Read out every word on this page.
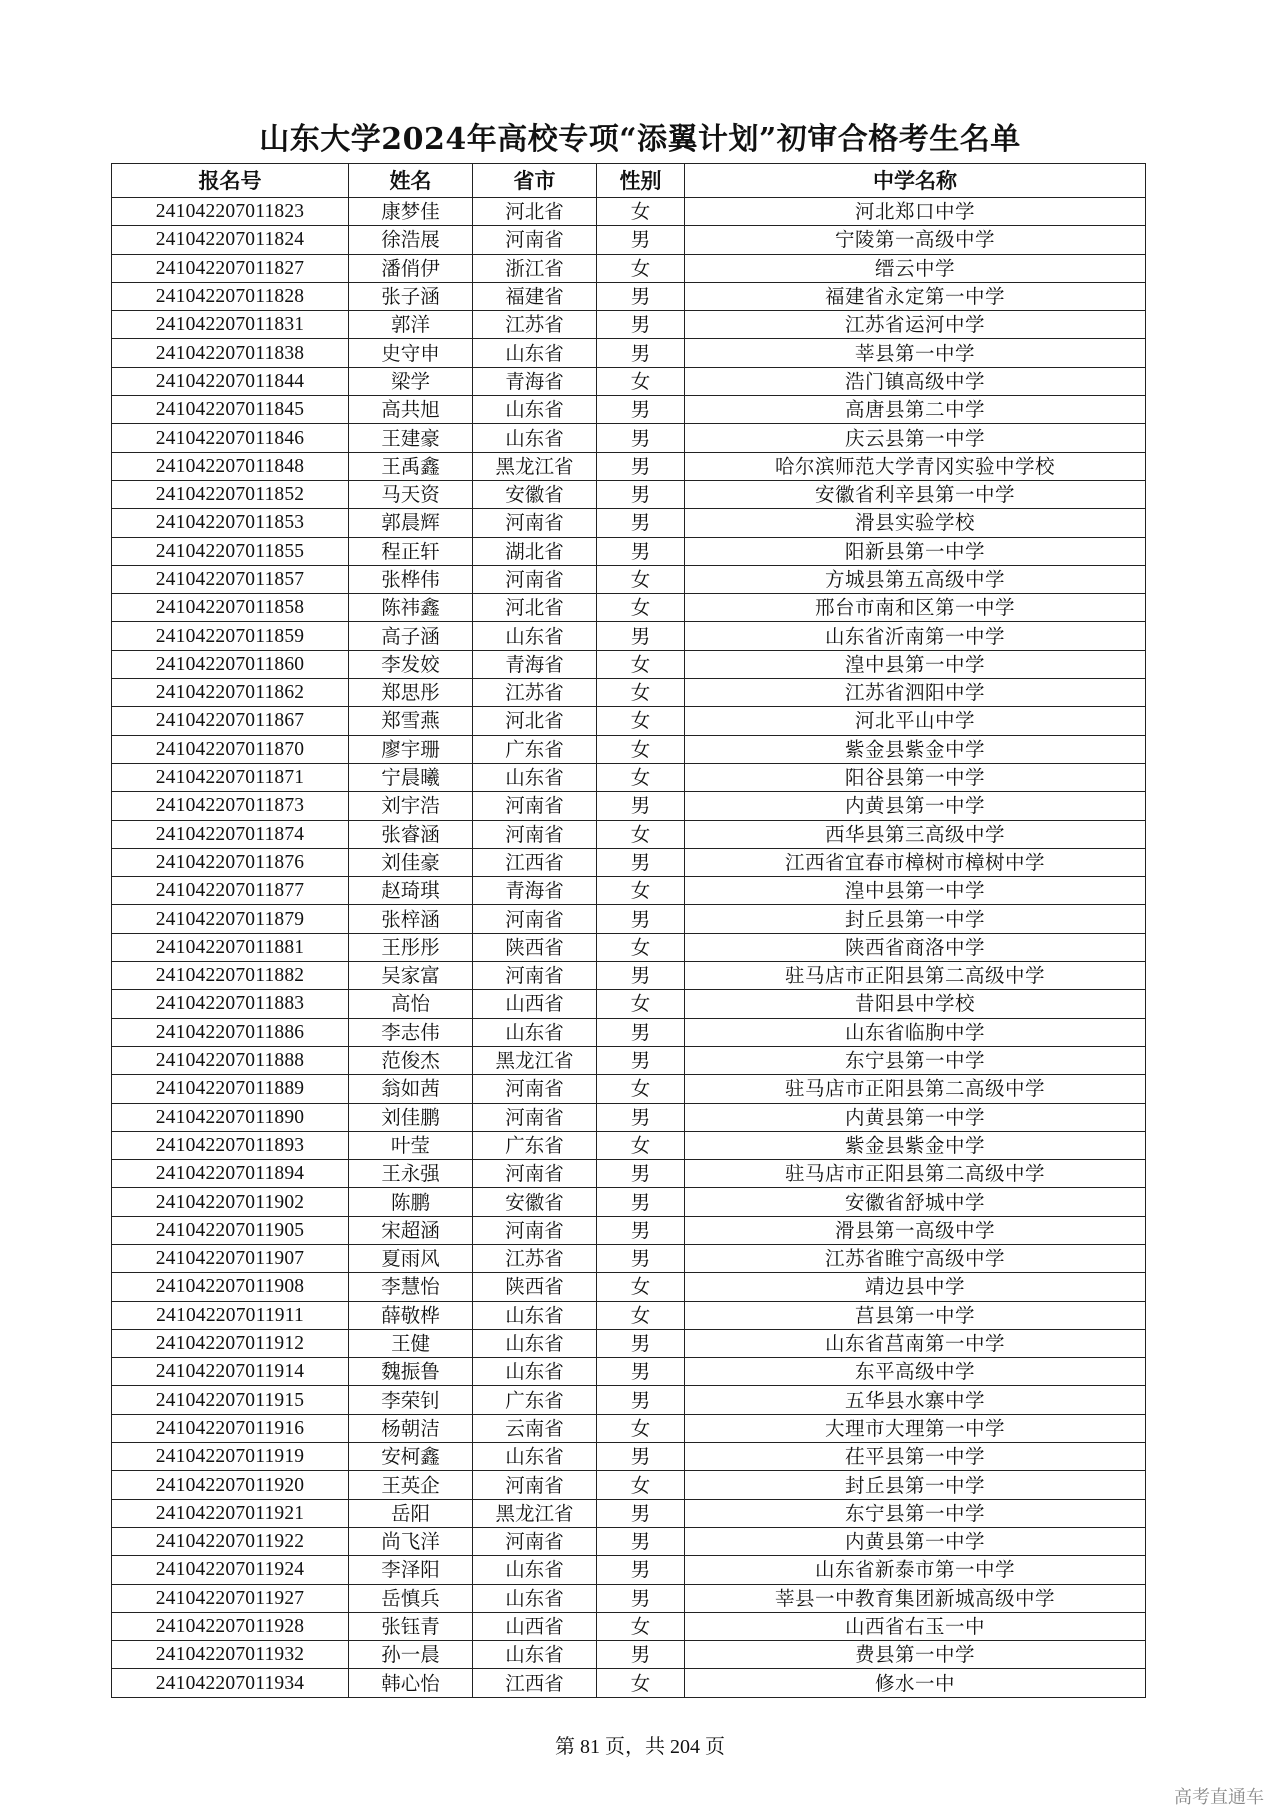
山东大学2024年高校专项“添翼计划”初审合格考生名单
报名号	姓名	省市	性别	中学名称
241042207011823	康梦佳	河北省	女	河北郑口中学
241042207011824	徐浩展	河南省	男	宁陵第一高级中学
241042207011827	潘俏伊	浙江省	女	缙云中学
241042207011828	张子涵	福建省	男	福建省永定第一中学
241042207011831	郭洋	江苏省	男	江苏省运河中学
241042207011838	史守申	山东省	男	莘县第一中学
241042207011844	梁学	青海省	女	浩门镇高级中学
241042207011845	高共旭	山东省	男	高唐县第二中学
241042207011846	王建豪	山东省	男	庆云县第一中学
241042207011848	王禹鑫	黑龙江省	男	哈尔滨师范大学青冈实验中学校
241042207011852	马天资	安徽省	男	安徽省利辛县第一中学
241042207011853	郭晨辉	河南省	男	滑县实验学校
241042207011855	程正轩	湖北省	男	阳新县第一中学
241042207011857	张桦伟	河南省	女	方城县第五高级中学
241042207011858	陈祎鑫	河北省	女	邢台市南和区第一中学
241042207011859	高子涵	山东省	男	山东省沂南第一中学
241042207011860	李发姣	青海省	女	湟中县第一中学
241042207011862	郑思彤	江苏省	女	江苏省泗阳中学
241042207011867	郑雪燕	河北省	女	河北平山中学
241042207011870	廖宇珊	广东省	女	紫金县紫金中学
241042207011871	宁晨曦	山东省	女	阳谷县第一中学
241042207011873	刘宇浩	河南省	男	内黄县第一中学
241042207011874	张睿涵	河南省	女	西华县第三高级中学
241042207011876	刘佳豪	江西省	男	江西省宜春市樟树市樟树中学
241042207011877	赵琦琪	青海省	女	湟中县第一中学
241042207011879	张梓涵	河南省	男	封丘县第一中学
241042207011881	王彤彤	陕西省	女	陕西省商洛中学
241042207011882	吴家富	河南省	男	驻马店市正阳县第二高级中学
241042207011883	高怡	山西省	女	昔阳县中学校
241042207011886	李志伟	山东省	男	山东省临朐中学
241042207011888	范俊杰	黑龙江省	男	东宁县第一中学
241042207011889	翁如茜	河南省	女	驻马店市正阳县第二高级中学
241042207011890	刘佳鹏	河南省	男	内黄县第一中学
241042207011893	叶莹	广东省	女	紫金县紫金中学
241042207011894	王永强	河南省	男	驻马店市正阳县第二高级中学
241042207011902	陈鹏	安徽省	男	安徽省舒城中学
241042207011905	宋超涵	河南省	男	滑县第一高级中学
241042207011907	夏雨风	江苏省	男	江苏省睢宁高级中学
241042207011908	李慧怡	陕西省	女	靖边县中学
241042207011911	薛敬桦	山东省	女	莒县第一中学
241042207011912	王健	山东省	男	山东省莒南第一中学
241042207011914	魏振鲁	山东省	男	东平高级中学
241042207011915	李荣钊	广东省	男	五华县水寨中学
241042207011916	杨朝洁	云南省	女	大理市大理第一中学
241042207011919	安柯鑫	山东省	男	茌平县第一中学
241042207011920	王英企	河南省	女	封丘县第一中学
241042207011921	岳阳	黑龙江省	男	东宁县第一中学
241042207011922	尚飞洋	河南省	男	内黄县第一中学
241042207011924	李泽阳	山东省	男	山东省新泰市第一中学
241042207011927	岳慎兵	山东省	男	莘县一中教育集团新城高级中学
241042207011928	张钰青	山西省	女	山西省右玉一中
241042207011932	孙一晨	山东省	男	费县第一中学
241042207011934	韩心怡	江西省	女	修水一中
第 81 页，共 204 页
高考直通车
